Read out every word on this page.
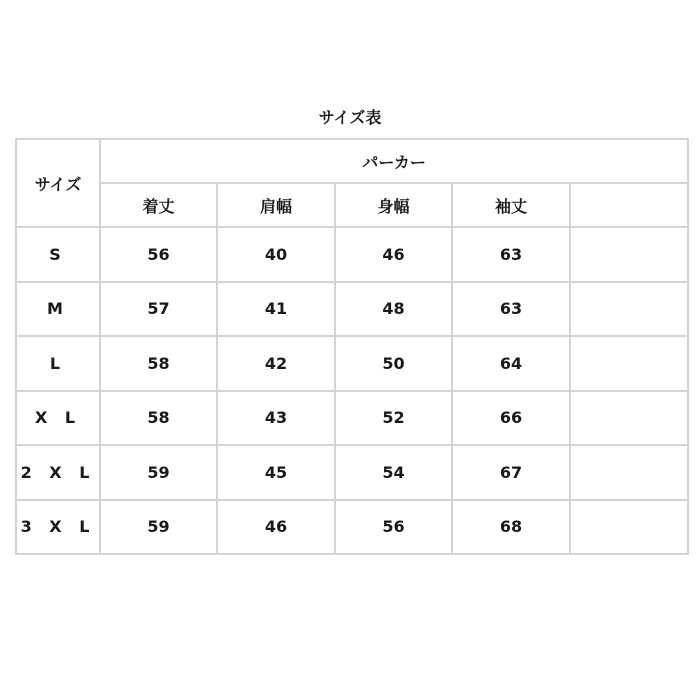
サイズ表
サイズ	パーカー				
	着丈	肩幅	身幅	袖丈	
S	56	40	46	63	
M	57	41	48	63	
L	58	42	50	64	
X L	58	43	52	66	
2 X L	59	45	54	67	
3 X L	59	46	56	68	
